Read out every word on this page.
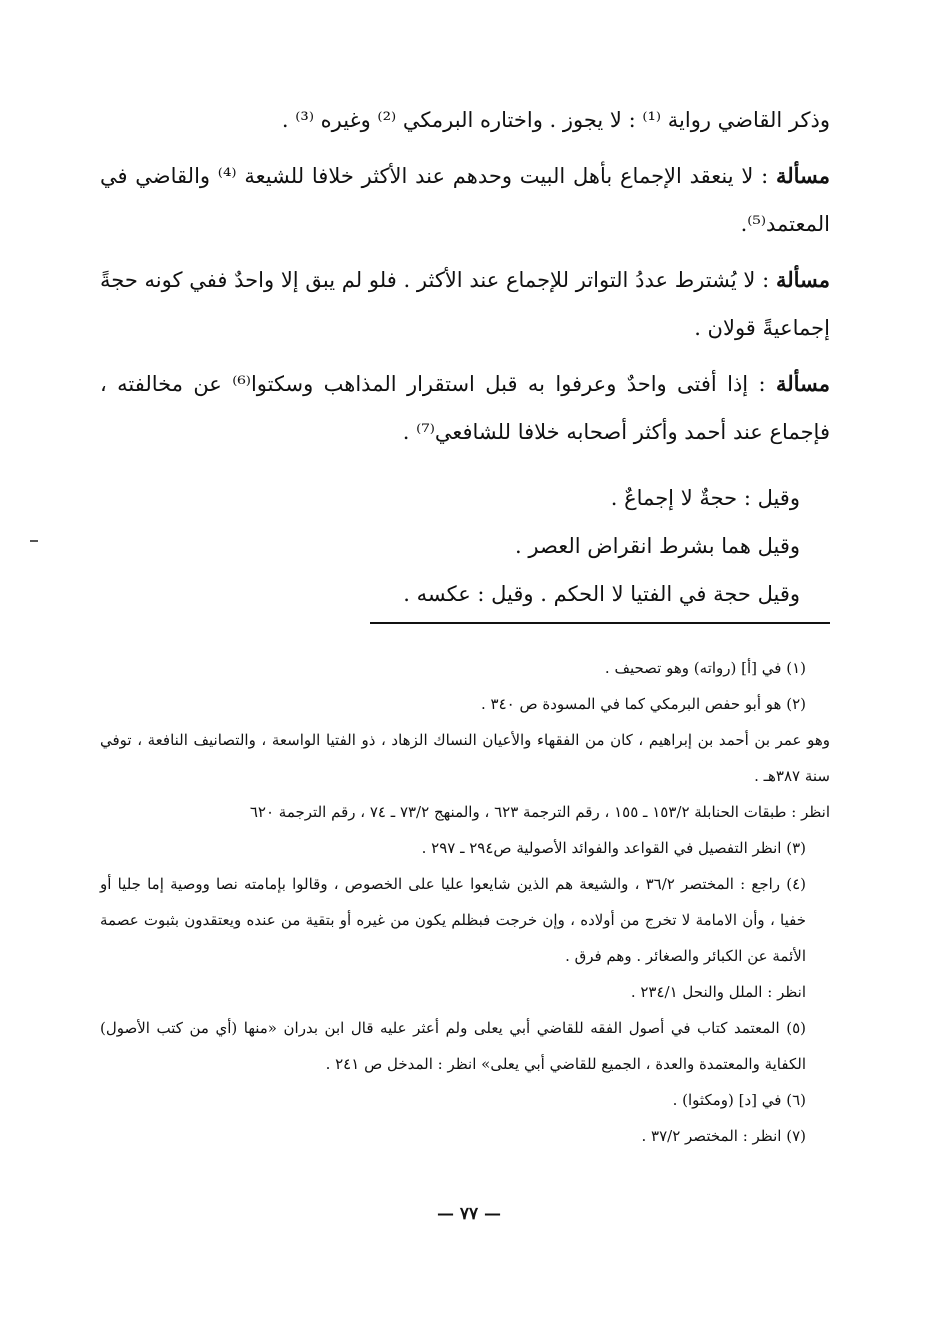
وذكر القاضي رواية ⁽¹⁾ : لا يجوز . واختاره البرمكي ⁽²⁾ وغيره ⁽³⁾ .

مسألة : لا ينعقد الإجماع بأهل البيت وحدهم عند الأكثر خلافا للشيعة ⁽⁴⁾ والقاضي في المعتمد⁽⁵⁾.

مسألة : لا يُشترط عددُ التواتر للإجماع عند الأكثر . فلو لم يبق إلا واحدٌ ففي كونه حجةً إجماعيةً قولان .

مسألة : إذا أفتى واحدٌ وعرفوا به قبل استقرار المذاهب وسكتوا⁽⁶⁾ عن مخالفته ، فإجماع عند أحمد وأكثر أصحابه خلافا للشافعي⁽⁷⁾ .

وقيل : حجةٌ لا إجماعٌ .

وقيل هما بشرط انقراض العصر .

وقيل حجة في الفتيا لا الحكم . وقيل : عكسه .

(١) في [أ] (رواته) وهو تصحيف .

(٢) هو أبو حفص البرمكي كما في المسودة ص ٣٤٠ .

وهو عمر بن أحمد بن إبراهيم ، كان من الفقهاء والأعيان النساك الزهاد ، ذو الفتيا الواسعة ، والتصانيف النافعة ، توفي سنة ٣٨٧هـ .

انظر : طبقات الحنابلة ١٥٣/٢ ـ ١٥٥ ، رقم الترجمة ٦٢٣ ، والمنهج ٧٣/٢ ـ ٧٤ ، رقم الترجمة ٦٢٠

(٣) انظر التفصيل في القواعد والفوائد الأصولية ص٢٩٤ ـ ٢٩٧ .

(٤) راجع : المختصر ٣٦/٢ ، والشيعة هم الذين شايعوا عليا على الخصوص ، وقالوا بإمامته نصا ووصية إما جليا أو خفيا ، وأن الامامة لا تخرج من أولاده ، وإن خرجت فبظلم يكون من غيره أو بتقية من عنده ويعتقدون بثبوت عصمة الأئمة عن الكبائر والصغائر . وهم فرق .

انظر : الملل والنحل ٢٣٤/١ .

(٥) المعتمد كتاب في أصول الفقه للقاضي أبي يعلى ولم أعثر عليه قال ابن بدران «منها (أي من كتب الأصول) الكفاية والمعتمدة والعدة ، الجميع للقاضي أبي يعلى» انظر : المدخل ص ٢٤١ .

(٦) في [د] (ومكثوا) .

(٧) انظر : المختصر ٣٧/٢ .

— ٧٧ —
